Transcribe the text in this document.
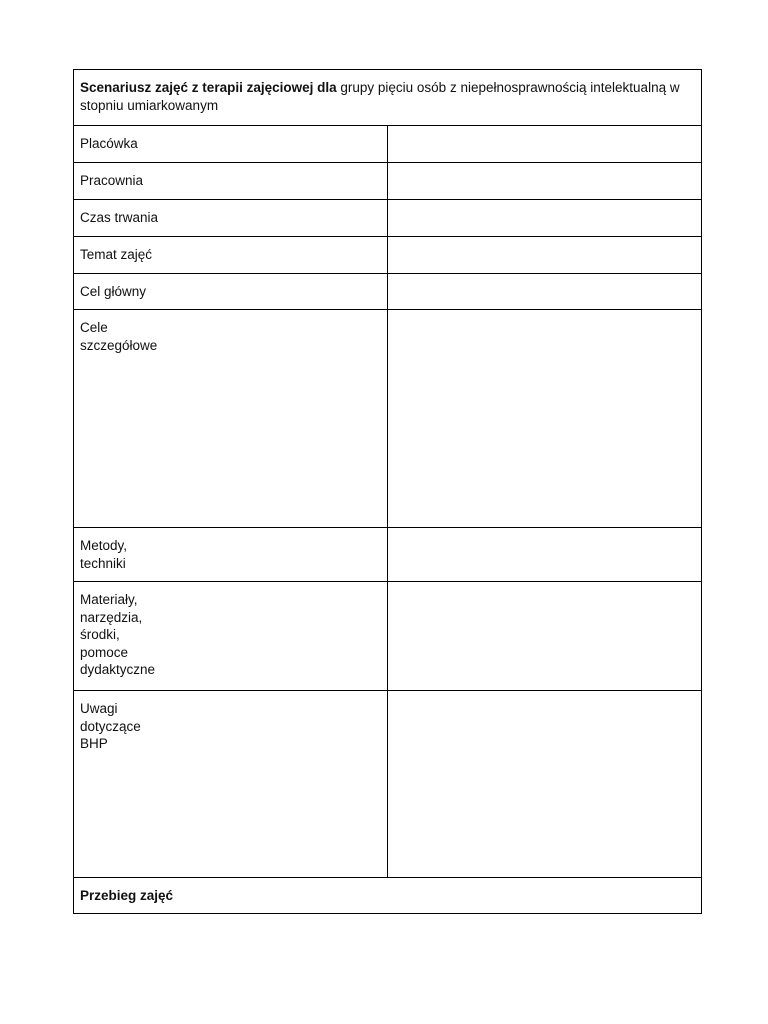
Scenariusz zajęć z terapii zajęciowej dla grupy pięciu osób z niepełnosprawnością intelektualną w stopniu umiarkowanym	

Placówka	

Pracownia	

Czas trwania	

Temat zajęć	

Cel główny	

Cele
szczegółowe	

Metody,
techniki	

Materiały,
narzędzia,
środki,
pomoce
dydaktyczne	

Uwagi
dotyczące
BHP	

Przebieg zajęć	
